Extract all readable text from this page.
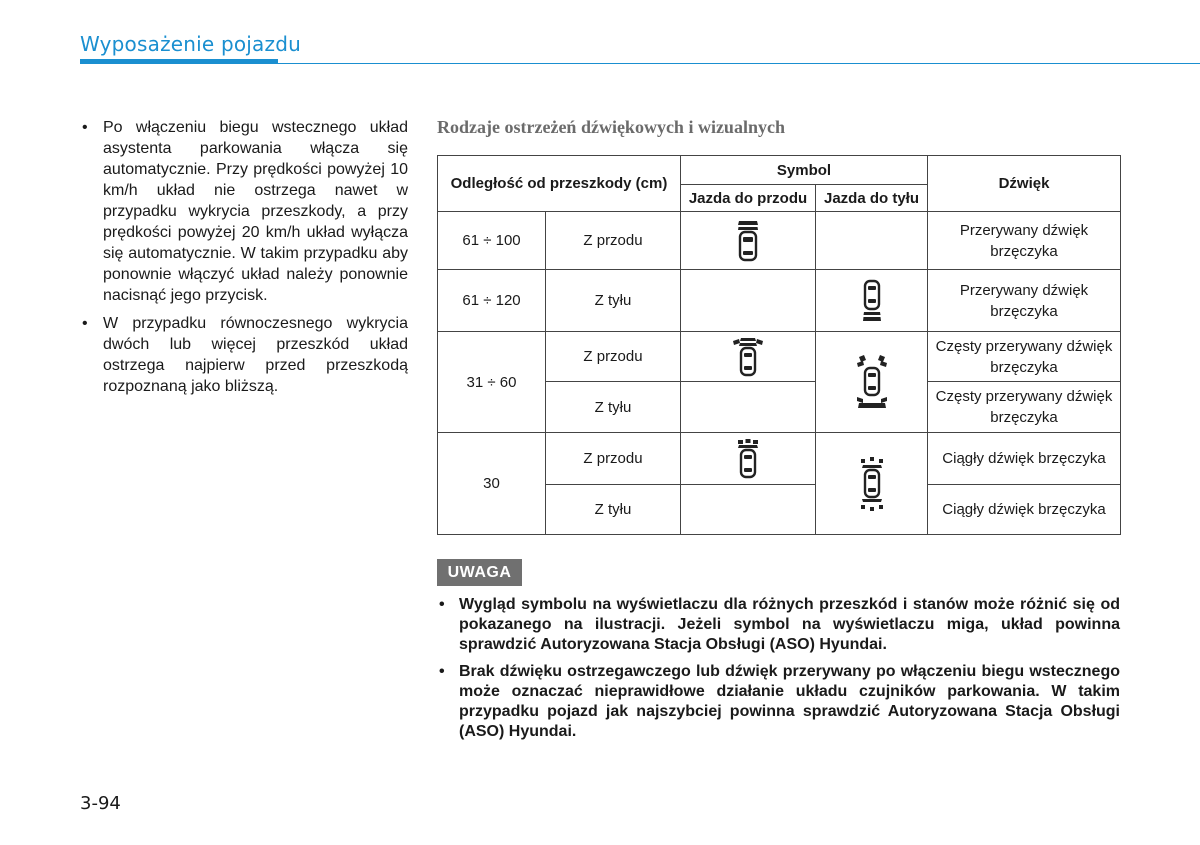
Wyposażenie pojazdu
• Po włączeniu biegu wstecznego układ asystenta parkowania włącza się automatycznie. Przy prędkości powyżej 10 km/h układ nie ostrzega nawet w przypadku wykrycia przeszkody, a przy prędkości powyżej 20 km/h układ wyłącza się automatycznie. W takim przypadku aby ponownie włączyć układ należy ponownie nacisnąć jego przycisk.
• W przypadku równoczesnego wykrycia dwóch lub więcej przeszkód układ ostrzega najpierw przed przeszkodą rozpoznaną jako bliższą.
Rodzaje ostrzeżeń dźwiękowych i wizualnych
Odległość od przeszkody (cm)		Symbol		Dźwięk
		Jazda do przodu	Jazda do tyłu	
61 ÷ 100	Z przodu			Przerywany dźwięk brzęczyka
61 ÷ 120	Z tyłu			Przerywany dźwięk brzęczyka
31 ÷ 60	Z przodu			Częsty przerywany dźwięk brzęczyka
	Z tyłu			Częsty przerywany dźwięk brzęczyka
30	Z przodu			Ciągły dźwięk brzęczyka
	Z tyłu			Ciągły dźwięk brzęczyka
UWAGA
• Wygląd symbolu na wyświetlaczu dla różnych przeszkód i stanów może różnić się od pokazanego na ilustracji. Jeżeli symbol na wyświetlaczu miga, układ powinna sprawdzić Autoryzowana Stacja Obsługi (ASO) Hyundai.
• Brak dźwięku ostrzegawczego lub dźwięk przerywany po włączeniu biegu wstecznego może oznaczać nieprawidłowe działanie układu czujników parkowania. W takim przypadku pojazd jak najszybciej powinna sprawdzić Autoryzowana Stacja Obsługi (ASO) Hyundai.
3-94
